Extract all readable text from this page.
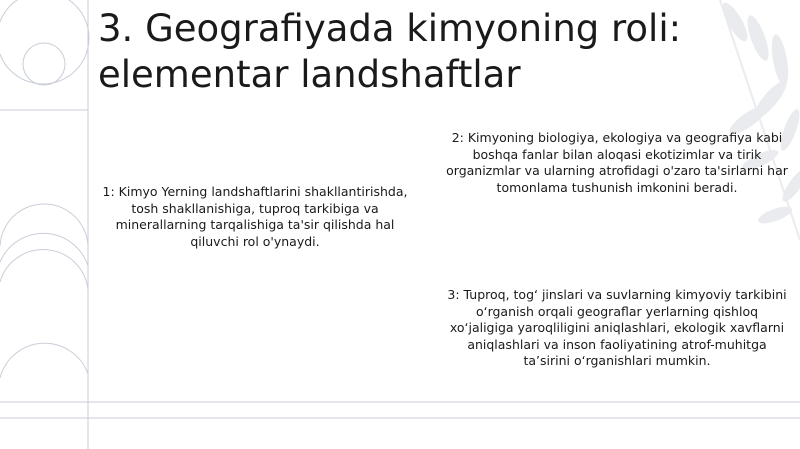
3. Geografiyada kimyoning roli: elementar landshaftlar

1: Kimyo Yerning landshaftlarini shakllantirishda, tosh shakllanishiga, tuproq tarkibiga va minerallarning tarqalishiga ta'sir qilishda hal qiluvchi rol o'ynaydi.

2: Kimyoning biologiya, ekologiya va geografiya kabi boshqa fanlar bilan aloqasi ekotizimlar va tirik organizmlar va ularning atrofidagi o'zaro ta'sirlarni har tomonlama tushunish imkonini beradi.

3: Tuproq, tog‘ jinslari va suvlarning kimyoviy tarkibini o‘rganish orqali geograflar yerlarning qishloq xo‘jaligiga yaroqliligini aniqlashlari, ekologik xavflarni aniqlashlari va inson faoliyatining atrof-muhitga ta’sirini o‘rganishlari mumkin.
